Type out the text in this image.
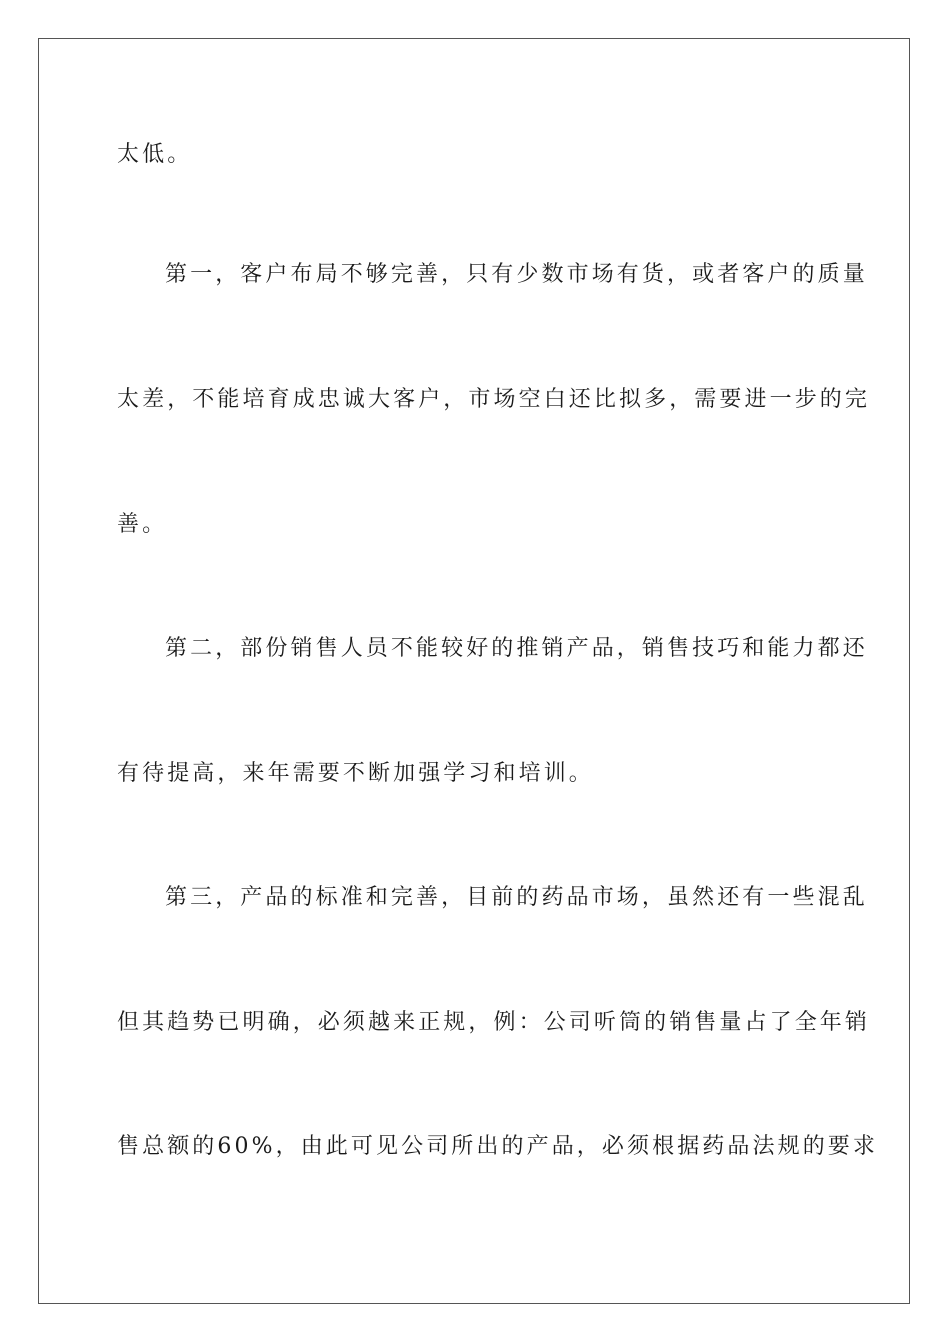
太低。
第一，客户布局不够完善，只有少数市场有货，或者客户的质量
太差，不能培育成忠诚大客户，市场空白还比拟多，需要进一步的完
善。
第二，部份销售人员不能较好的推销产品，销售技巧和能力都还
有待提高，来年需要不断加强学习和培训。
第三，产品的标准和完善，目前的药品市场，虽然还有一些混乱
但其趋势已明确，必须越来正规，例：公司听筒的销售量占了全年销
售总额的60%，由此可见公司所出的产品，必须根据药品法规的要求
